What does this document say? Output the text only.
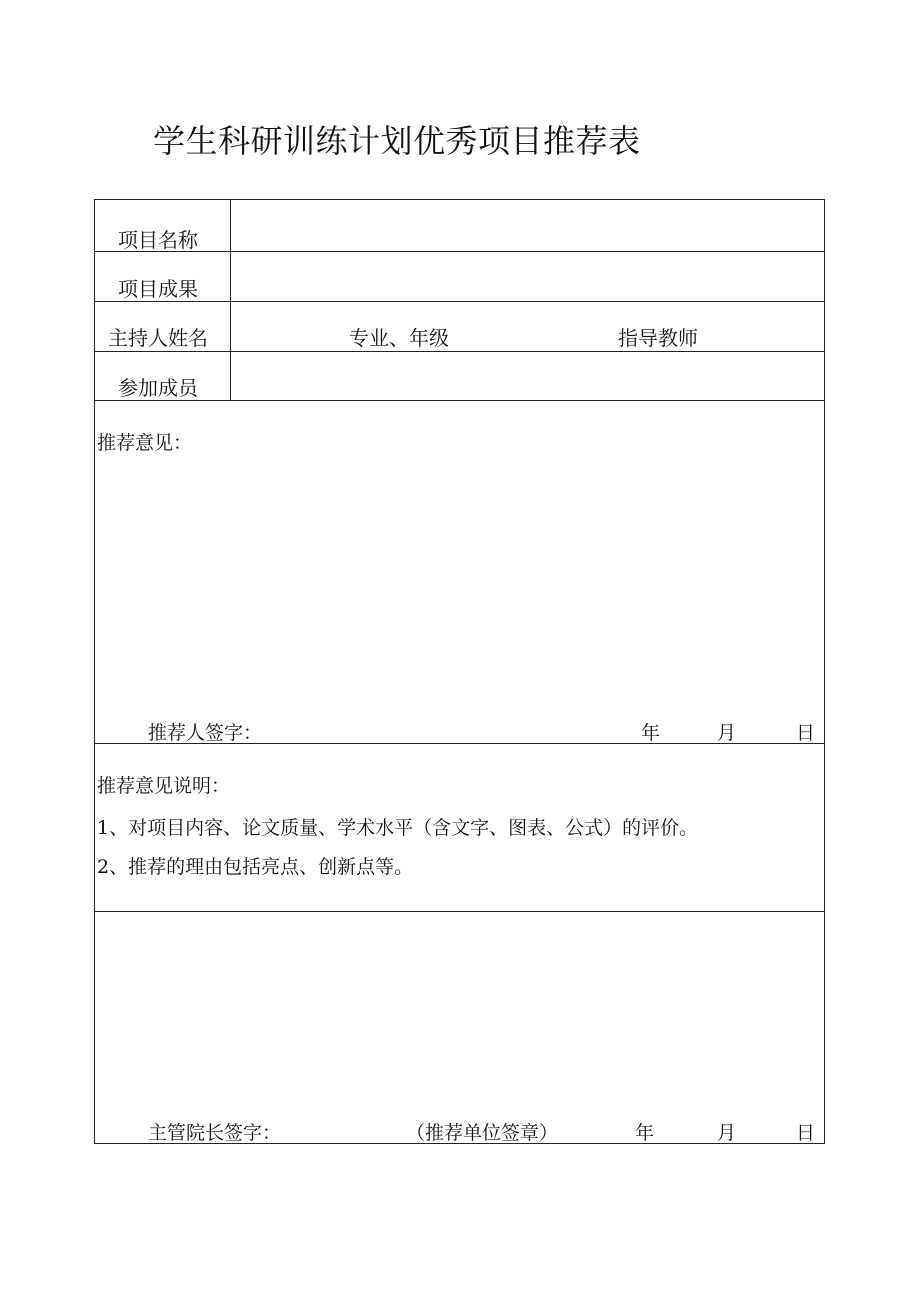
学生科研训练计划优秀项目推荐表
项目名称
项目成果
主持人姓名	专业、年级	指导教师
参加成员
推荐意见：
推荐人签字：	年	月	日
推荐意见说明：
1、对项目内容、论文质量、学术水平（含文字、图表、公式）的评价。
2、推荐的理由包括亮点、创新点等。
主管院长签字：	（推荐单位签章）	年	月	日
